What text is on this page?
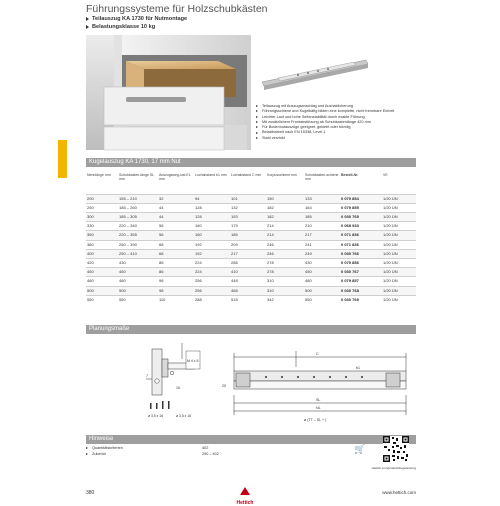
Führungssysteme für Holzschubkästen
Teilauszug KA 1730 für Nutmontage
Belastungsklasse 10 kg
Teilauszug mit Auszugsanschlag und Aushaklicherung
Führungsschiene und Kugelkäfig bilden eine komplette, nicht trennbare Einheit
Leichter Lauf und hohe Seitenstabilität durch exakte Führung
Mit zusätzlichem Frontabstützung ab Schubkastenlänge 420 mm
Für Bodennutauszüge geeignet, geklebt oder bündig
Belastbarkeit nach EN 15338, Level 1
Stahl verzinkt
Kugelauszug KA 1730, 17 mm Nut
Nennlänge mm	Schubkasten-länge SL mm	Auszugsweg-lust EL mm	Lochabstand b1 mm	Lochabstand C mm	Korpusschiene mm	Schubkasten-schiene mm	Bestell-Nr.	VE
200	155 – 210	32	94	101	150	133	0 079 854	1/20 ÜN
250	185 – 260	44	128	132	182	164	0 079 855	1/20 ÜN
300	185 – 305	44	128	153	182	185	0 030 765	1/20 ÜN
330	220 – 340	56	160	179	214	210	0 068 933	1/20 ÜN
350	220 – 355	56	160	185	214	217	0 071 836	1/20 ÜN
380	250 – 390	68	192	209	246	241	0 071 836	1/20 ÜN
400	250 – 410	68	192	217	246	249	0 030 766	1/20 ÜN
420	430	86	224	286	278	430	0 079 856	1/20 ÜN
450	450	86	224	410	278	450	0 030 767	1/20 ÜN
480	480	98	256	448	310	480	0 079 857	1/20 ÜN
500	500	98	256	468	310	500	0 030 768	1/20 ÜN
550	550	110	288	518	342	550	0 030 769	1/20 ÜN
Planungsmaße
M 4 x 5
7
16
ø 3,5 x 16	ø 3,5 x 16
C
b1
SL
NL
ø (TT – SL + )
20
Hinweise
Quantitätskriterien	402
Zubehör	290 – 402	🛒
Hettich.com/product/kugelauszug
380
Hettich
www.hettich.com
